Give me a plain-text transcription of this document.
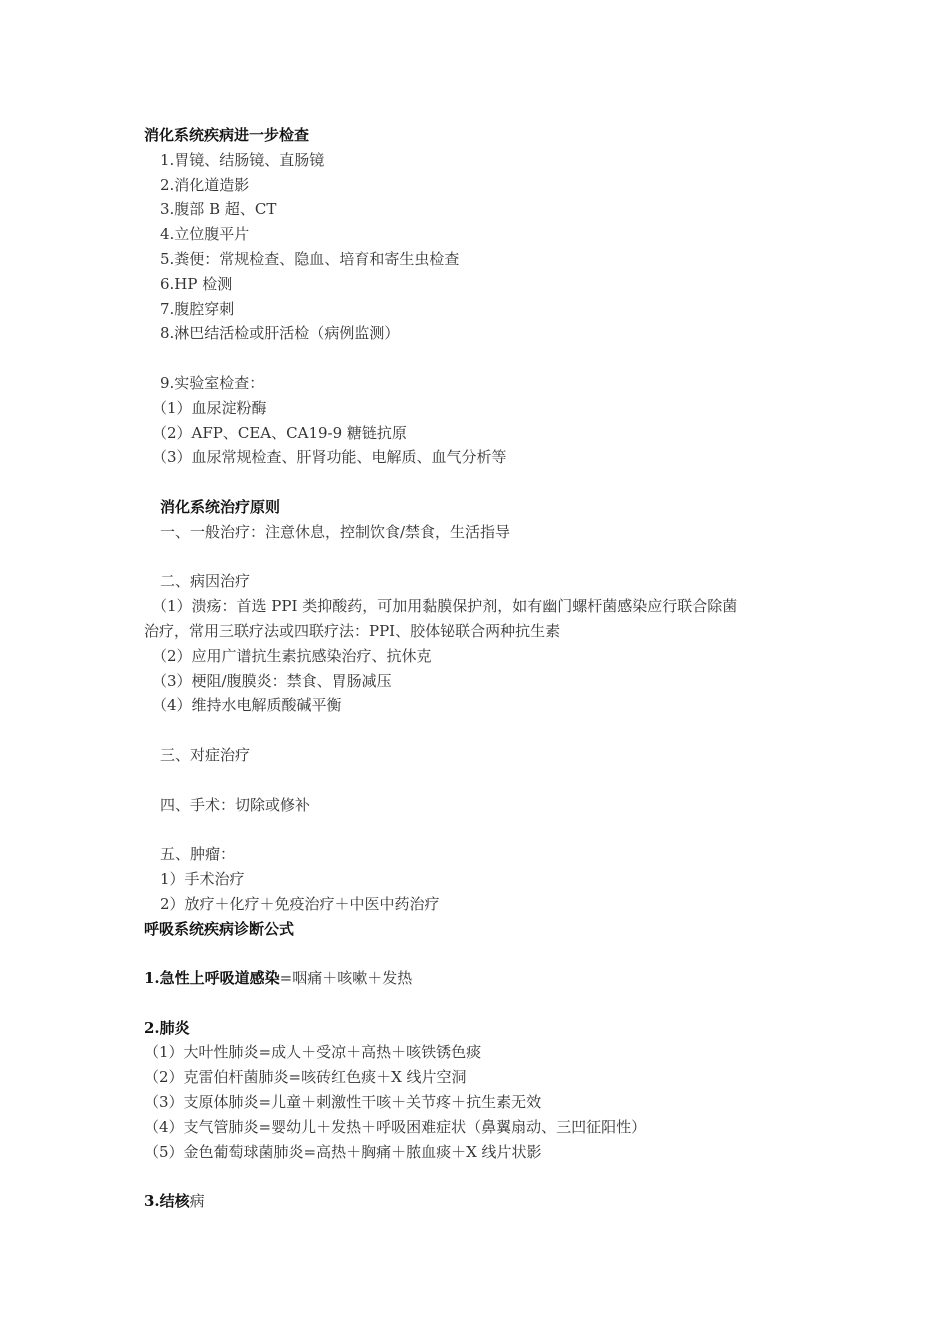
消化系统疾病进一步检查
1.胃镜、结肠镜、直肠镜
2.消化道造影
3.腹部 B 超、CT
4.立位腹平片
5.粪便：常规检查、隐血、培育和寄生虫检查
6.HP 检测
7.腹腔穿刺
8.淋巴结活检或肝活检（病例监测）
9.实验室检查：
（1）血尿淀粉酶
（2）AFP、CEA、CA19-9 糖链抗原
（3）血尿常规检查、肝肾功能、电解质、血气分析等
消化系统治疗原则
一、一般治疗：注意休息，控制饮食/禁食，生活指导
二、病因治疗
（1）溃疡：首选 PPI 类抑酸药，可加用黏膜保护剂，如有幽门螺杆菌感染应行联合除菌
治疗，常用三联疗法或四联疗法：PPI、胶体铋联合两种抗生素
（2）应用广谱抗生素抗感染治疗、抗休克
（3）梗阻/腹膜炎：禁食、胃肠减压
（4）维持水电解质酸碱平衡
三、对症治疗
四、手术：切除或修补
五、肿瘤：
1）手术治疗
2）放疗＋化疗＋免疫治疗＋中医中药治疗
呼吸系统疾病诊断公式
1.急性上呼吸道感染=咽痛＋咳嗽＋发热
2.肺炎
（1）大叶性肺炎=成人＋受凉＋高热＋咳铁锈色痰
（2）克雷伯杆菌肺炎=咳砖红色痰＋X 线片空洞
（3）支原体肺炎=儿童＋刺激性干咳＋关节疼＋抗生素无效
（4）支气管肺炎=婴幼儿＋发热＋呼吸困难症状（鼻翼扇动、三凹征阳性）
（5）金色葡萄球菌肺炎=高热＋胸痛＋脓血痰＋X 线片状影
3.结核病
